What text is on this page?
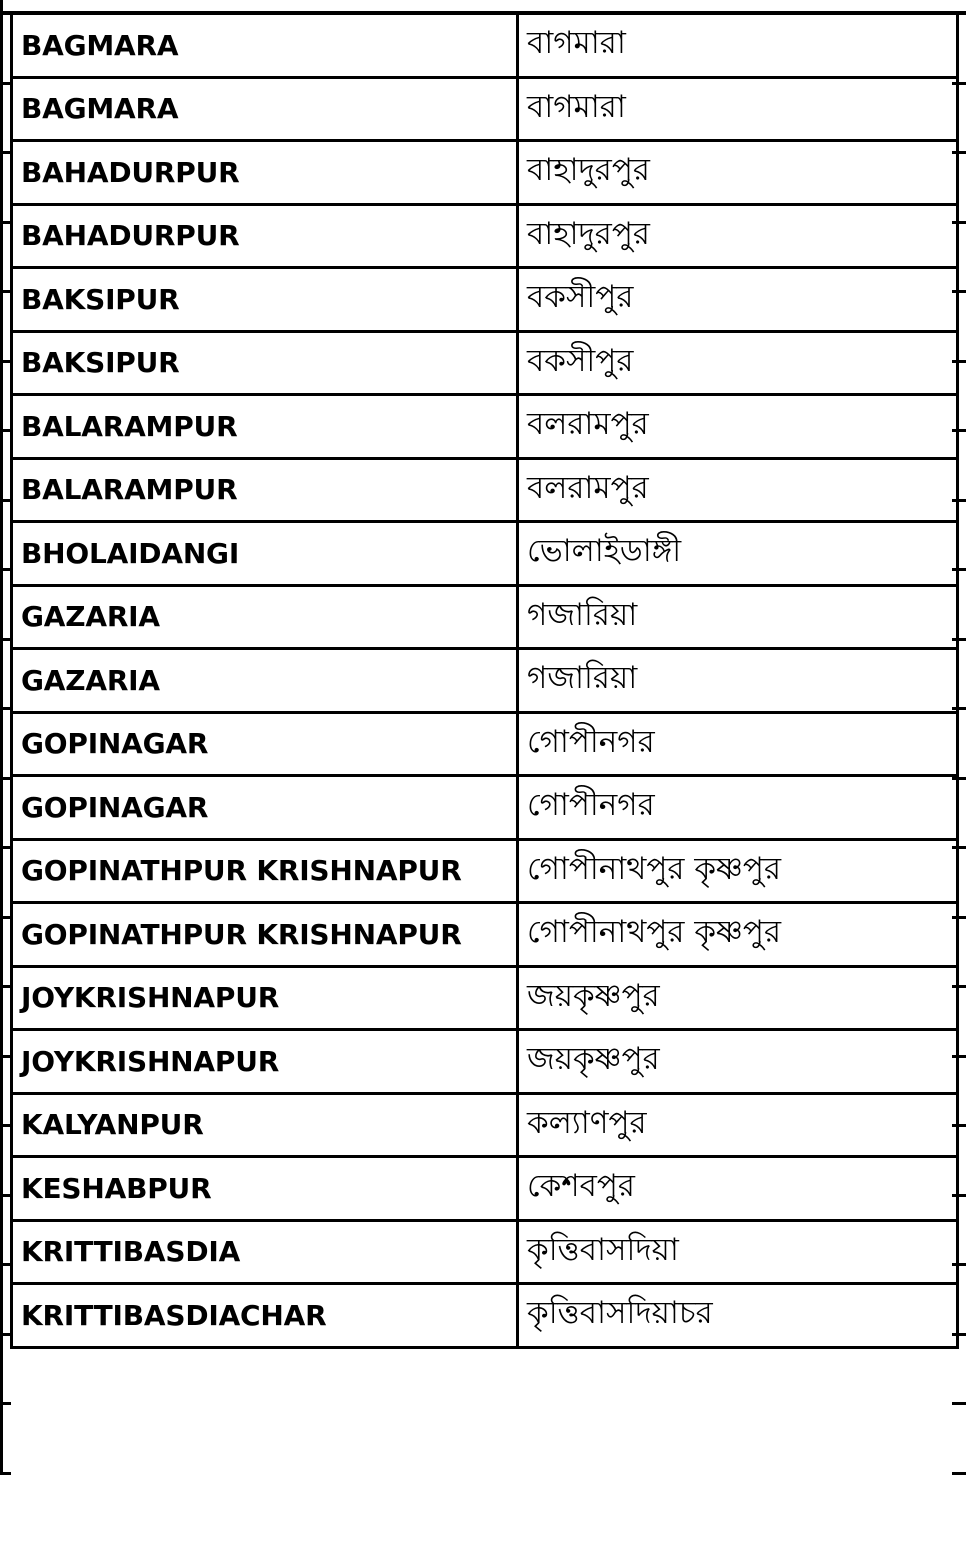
BAGMARA	বাগমারা
BAGMARA	বাগমারা
BAHADURPUR	বাহাদুরপুর
BAHADURPUR	বাহাদুরপুর
BAKSIPUR	বকসীপুর
BAKSIPUR	বকসীপুর
BALARAMPUR	বলরামপুর
BALARAMPUR	বলরামপুর
BHOLAIDANGI	ভোলাইডাঙ্গী
GAZARIA	গজারিয়া
GAZARIA	গজারিয়া
GOPINAGAR	গোপীনগর
GOPINAGAR	গোপীনগর
GOPINATHPUR KRISHNAPUR	গোপীনাথপুর কৃষ্ণপুর
GOPINATHPUR KRISHNAPUR	গোপীনাথপুর কৃষ্ণপুর
JOYKRISHNAPUR	জয়কৃষ্ণপুর
JOYKRISHNAPUR	জয়কৃষ্ণপুর
KALYANPUR	কল্যাণপুর
KESHABPUR	কেশবপুর
KRITTIBASDIA	কৃত্তিবাসদিয়া
KRITTIBASDIACHAR	কৃত্তিবাসদিয়াচর
